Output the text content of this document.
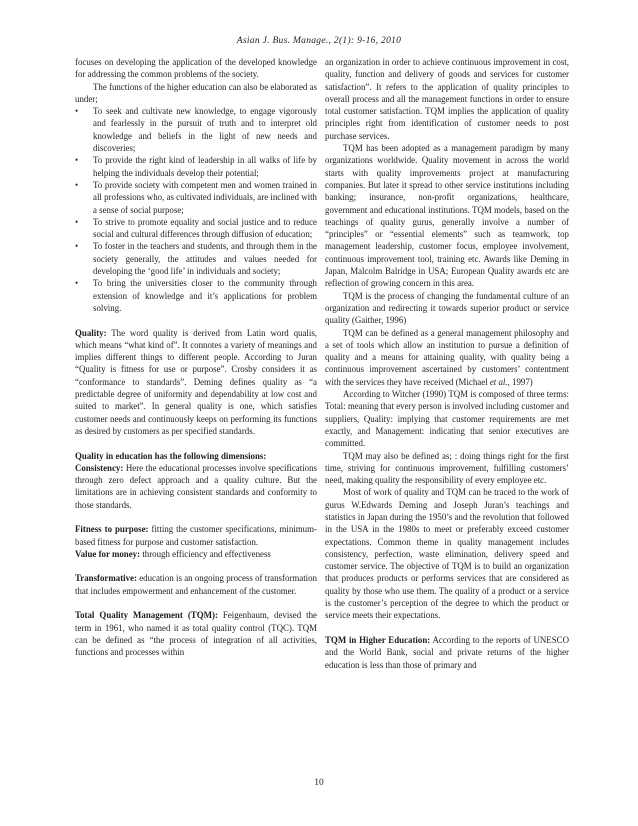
Asian J. Bus. Manage., 2(1): 9-16, 2010

focuses on developing the application of the developed knowledge for addressing the common problems of the society.

The functions of the higher education can also be elaborated as under;

• To seek and cultivate new knowledge, to engage vigorously and fearlessly in the pursuit of truth and to interpret old knowledge and beliefs in the light of new needs and discoveries;
• To provide the right kind of leadership in all walks of life by helping the individuals develop their potential;
• To provide society with competent men and women trained in all professions who, as cultivated individuals, are inclined with a sense of social purpose;
• To strive to promote equality and social justice and to reduce social and cultural differences through diffusion of education;
• To foster in the teachers and students, and through them in the society generally, the attitudes and values needed for developing the ‘good life’ in individuals and society;
• To bring the universities closer to the community through extension of knowledge and it’s applications for problem solving.

Quality: The word quality is derived from Latin word qualis, which means “what kind of”. It connotes a variety of meanings and implies different things to different people. According to Juran “Quality is fitness for use or purpose”. Crosby considers it as “conformance to standards”. Deming defines quality as “a predictable degree of uniformity and dependability at low cost and suited to market”. In general quality is one, which satisfies customer needs and continuously keeps on performing its functions as desired by customers as per specified standards.

Quality in education has the following dimensions:

Consistency: Here the educational processes involve specifications through zero defect approach and a quality culture. But the limitations are in achieving consistent standards and conformity to those standards.

Fitness to purpose: fitting the customer specifications, minimum-based fitness for purpose and customer satisfaction.

Value for money: through efficiency and effectiveness

Transformative: education is an ongoing process of transformation that includes empowerment and enhancement of the customer.

Total Quality Management (TQM): Feigenbaum, devised the term in 1961, who named it as total quality control (TQC). TQM can be defined as “the process of integration of all activities, functions and processes within

an organization in order to achieve continuous improvement in cost, quality, function and delivery of goods and services for customer satisfaction”. It refers to the application of quality principles to overall process and all the management functions in order to ensure total customer satisfaction. TQM implies the application of quality principles right from identification of customer needs to post purchase services.

TQM has been adopted as a management paradigm by many organizations worldwide. Quality movement in across the world starts with quality improvements project at manufacturing companies. But later it spread to other service institutions including banking; insurance, non-profit organizations, healthcare, government and educational institutions. TQM models, based on the teachings of quality gurus, generally involve a number of “principles” or “essential elements” such as teamwork, top management leadership, customer focus, employee involvement, continuous improvement tool, training etc. Awards like Deming in Japan, Malcolm Balridge in USA; European Quality awards etc are reflection of growing concern in this area.

TQM is the process of changing the fundamental culture of an organization and redirecting it towards superior product or service quality (Gaither, 1996)

TQM can be defined as a general management philosophy and a set of tools which allow an institution to pursue a definition of quality and a means for attaining quality, with quality being a continuous improvement ascertained by customers’ contentment with the services they have received (Michael et al., 1997)

According to Witcher (1990) TQM is composed of three terms: Total: meaning that every person is involved including customer and suppliers, Quality: implying that customer requirements are met exactly, and Management: indicating that senior executives are committed.

TQM may also be defined as; : doing things right for the first time, striving for continuous improvement, fulfilling customers’ need, making quality the responsibility of every employee etc.

Most of work of quality and TQM can be traced to the work of gurus W.Edwards Deming and Joseph Juran’s teachings and statistics in Japan during the 1950’s and the revolution that followed in the USA in the 1980s to meet or preferably exceed customer expectations. Common theme in quality management includes consistency, perfection, waste elimination, delivery speed and customer service. The objective of TQM is to build an organization that produces products or performs services that are considered as quality by those who use them. The quality of a product or a service is the customer’s perception of the degree to which the product or service meets their expectations.

TQM in Higher Education: According to the reports of UNESCO and the World Bank, social and private returns of the higher education is less than those of primary and

10
